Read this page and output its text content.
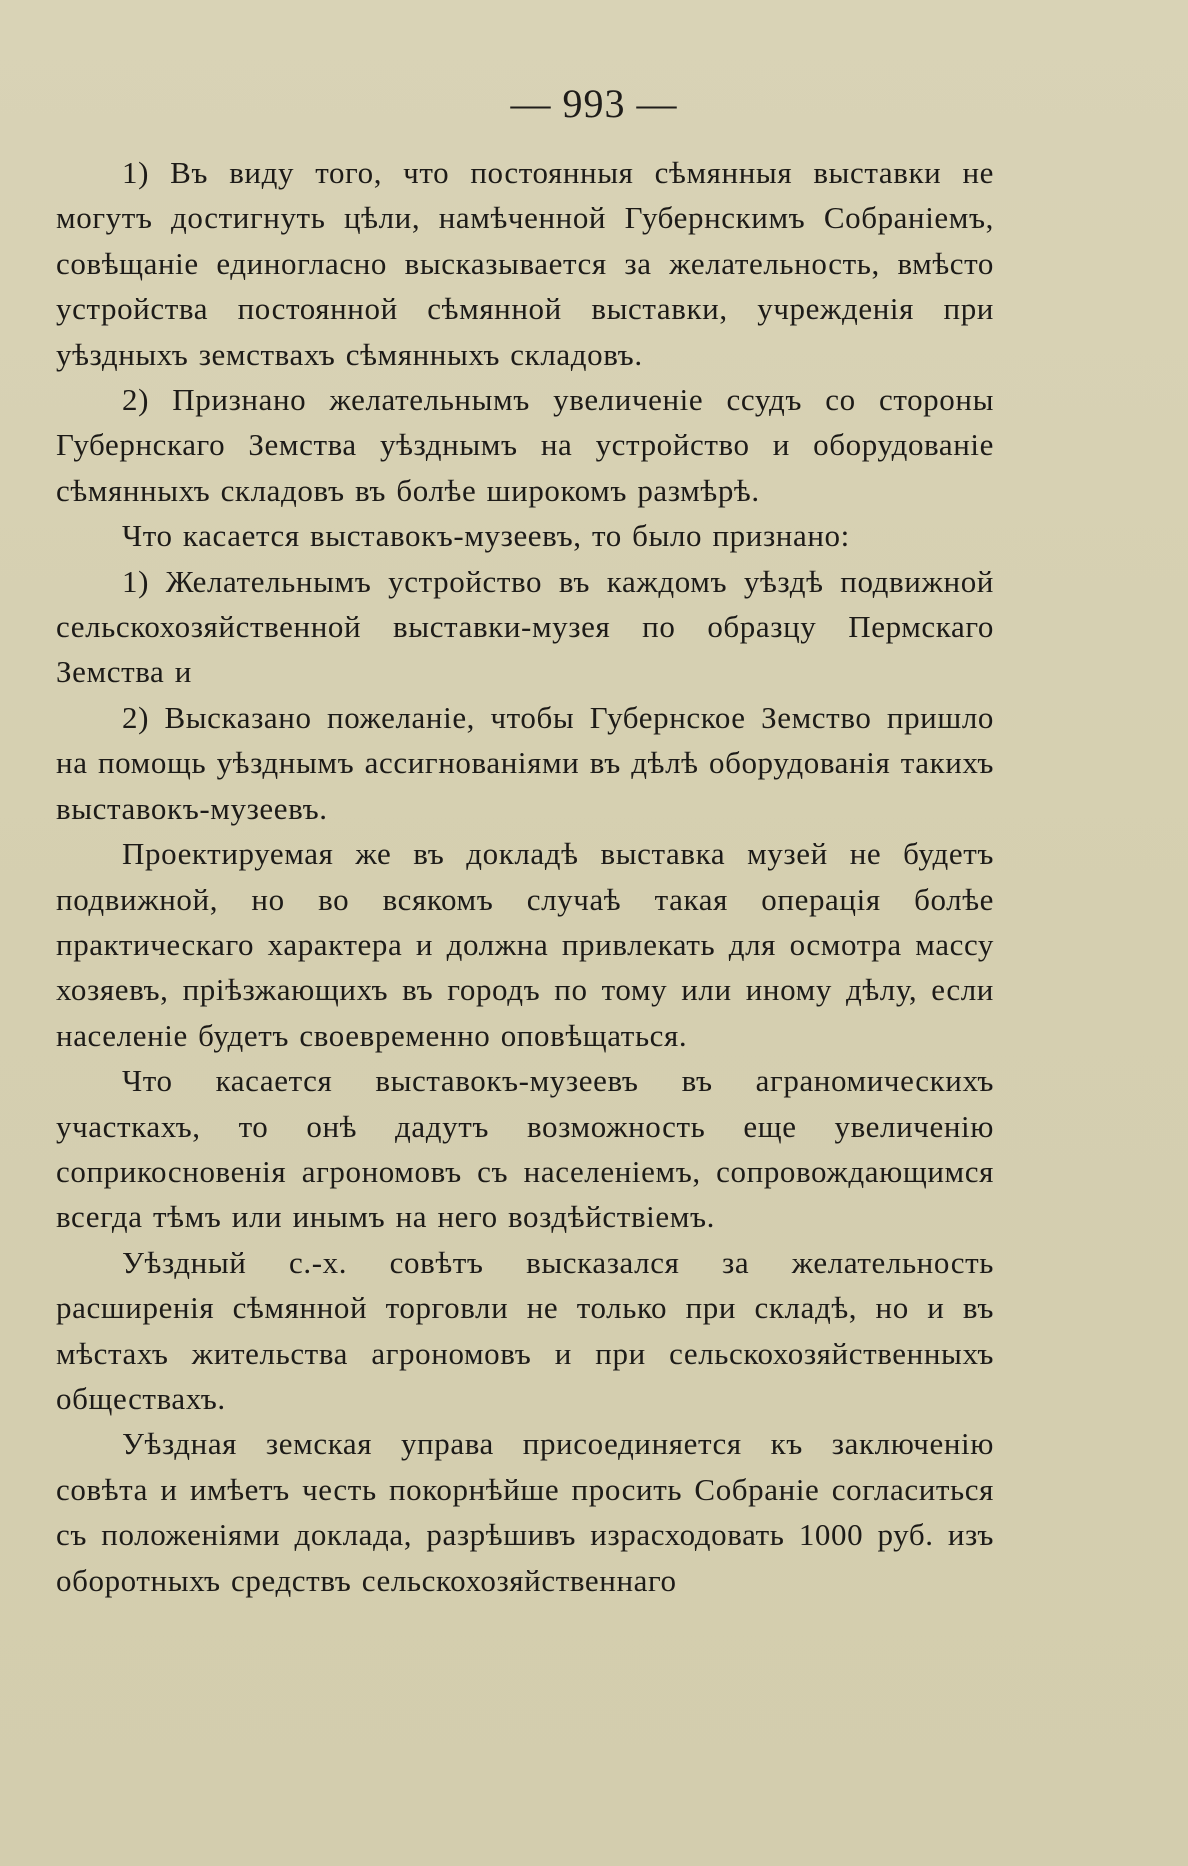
— 993 —

1) Въ виду того, что постоянныя сѣмянныя выставки не могутъ достигнуть цѣли, намѣченной Губернскимъ Собраніемъ, совѣщаніе единогласно высказывается за желательность, вмѣсто устройства постоянной сѣмянной выставки, учрежденія при уѣздныхъ земствахъ сѣмянныхъ складовъ.

2) Признано желательнымъ увеличеніе ссудъ со стороны Губернскаго Земства уѣзднымъ на устройство и оборудованіе сѣмянныхъ складовъ въ болѣе широкомъ размѣрѣ.

Что касается выставокъ-музеевъ, то было признано:

1) Желательнымъ устройство въ каждомъ уѣздѣ подвижной сельскохозяйственной выставки-музея по образцу Пермскаго Земства и

2) Высказано пожеланіе, чтобы Губернское Земство пришло на помощь уѣзднымъ ассигнованіями въ дѣлѣ оборудованія такихъ выставокъ-музеевъ.

Проектируемая же въ докладѣ выставка музей не будетъ подвижной, но во всякомъ случаѣ такая операція болѣе практическаго характера и должна привлекать для осмотра массу хозяевъ, пріѣзжающихъ въ городъ по тому или иному дѣлу, если населеніе будетъ своевременно оповѣщаться.

Что касается выставокъ-музеевъ въ аграномическихъ участкахъ, то онѣ дадутъ возможность еще увеличенію соприкосновенія агрономовъ съ населеніемъ, сопровождающимся всегда тѣмъ или инымъ на него воздѣйствіемъ.

Уѣздный с.-х. совѣтъ высказался за желательность расширенія сѣмянной торговли не только при складѣ, но и въ мѣстахъ жительства агрономовъ и при сельскохозяйственныхъ обществахъ.

Уѣздная земская управа присоединяется къ заключенію совѣта и имѣетъ честь покорнѣйше просить Собраніе согласиться съ положеніями доклада, разрѣшивъ израсходовать 1000 руб. изъ оборотныхъ средствъ сельскохозяйственнаго
